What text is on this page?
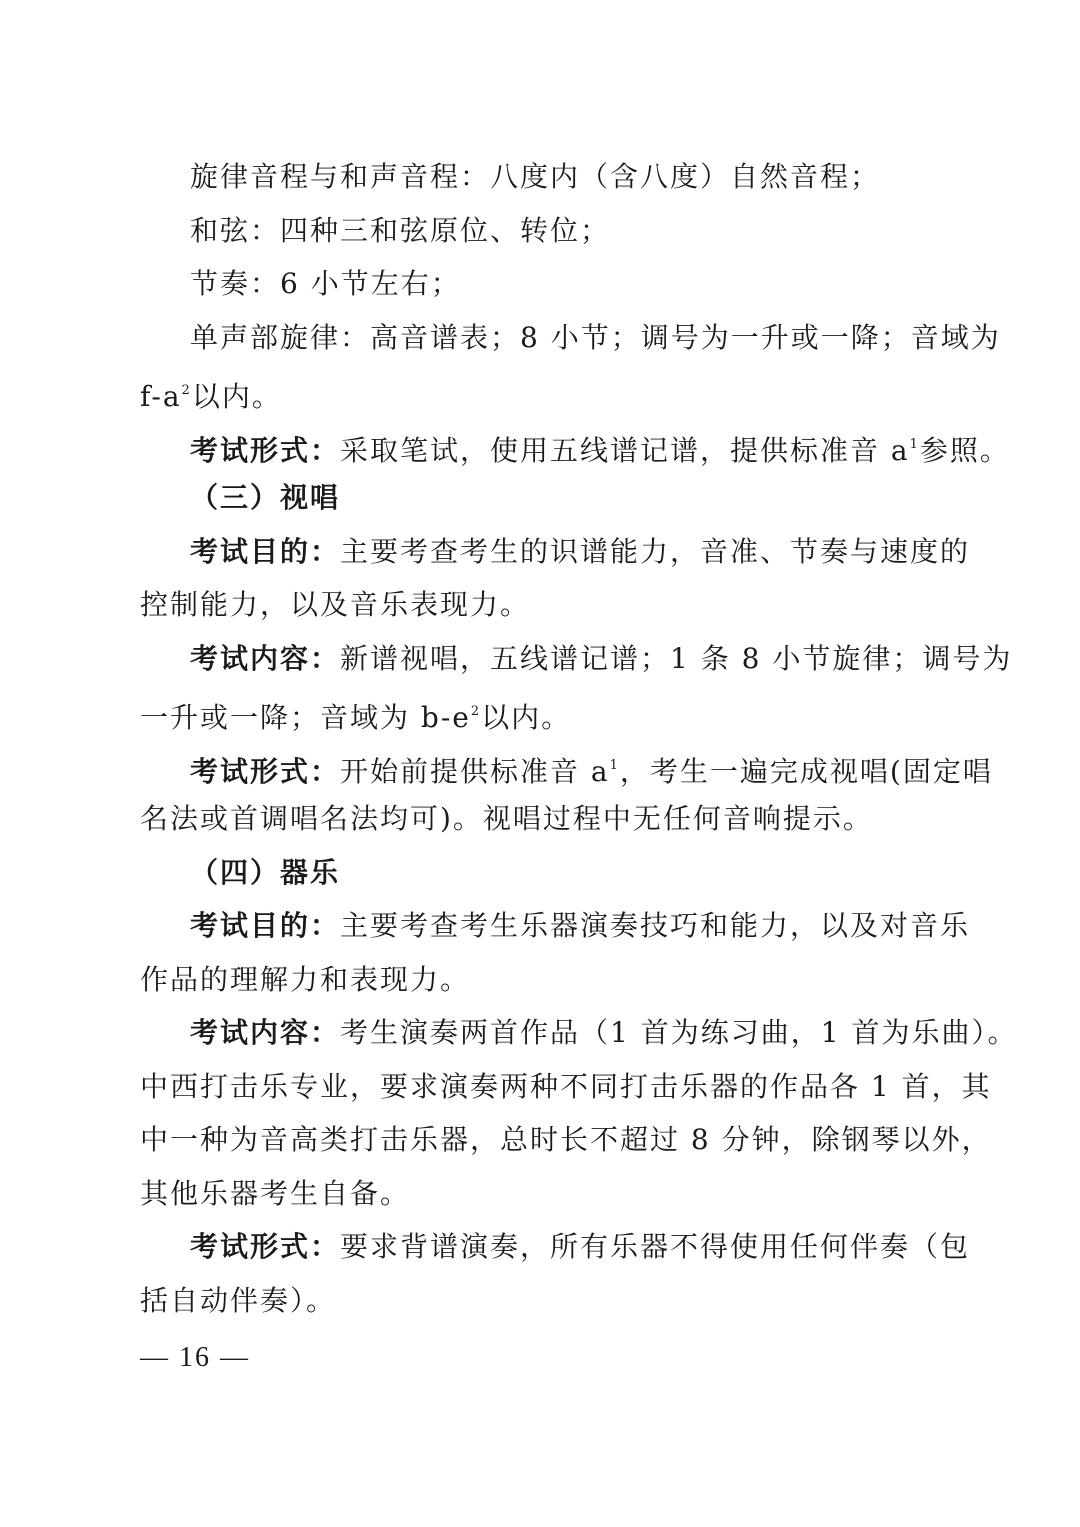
旋律音程与和声音程：八度内（含八度）自然音程；
和弦：四种三和弦原位、转位；
节奏：6 小节左右；
单声部旋律：高音谱表；8 小节；调号为一升或一降；音域为
$f-a^2$以内。
考试形式：采取笔试，使用五线谱记谱，提供标准音 $a^1$参照。
（三）视唱
考试目的：主要考查考生的识谱能力，音准、节奏与速度的
控制能力，以及音乐表现力。
考试内容：新谱视唱，五线谱记谱；1 条 8 小节旋律；调号为
一升或一降；音域为 $b-e^2$以内。
考试形式：开始前提供标准音 $a^1$，考生一遍完成视唱(固定唱
名法或首调唱名法均可)。视唱过程中无任何音响提示。
（四）器乐
考试目的：主要考查考生乐器演奏技巧和能力，以及对音乐
作品的理解力和表现力。
考试内容：考生演奏两首作品（1 首为练习曲，1 首为乐曲）。
中西打击乐专业，要求演奏两种不同打击乐器的作品各 1 首，其
中一种为音高类打击乐器，总时长不超过 8 分钟，除钢琴以外，
其他乐器考生自备。
考试形式：要求背谱演奏，所有乐器不得使用任何伴奏（包
括自动伴奏）。
— 16 —
